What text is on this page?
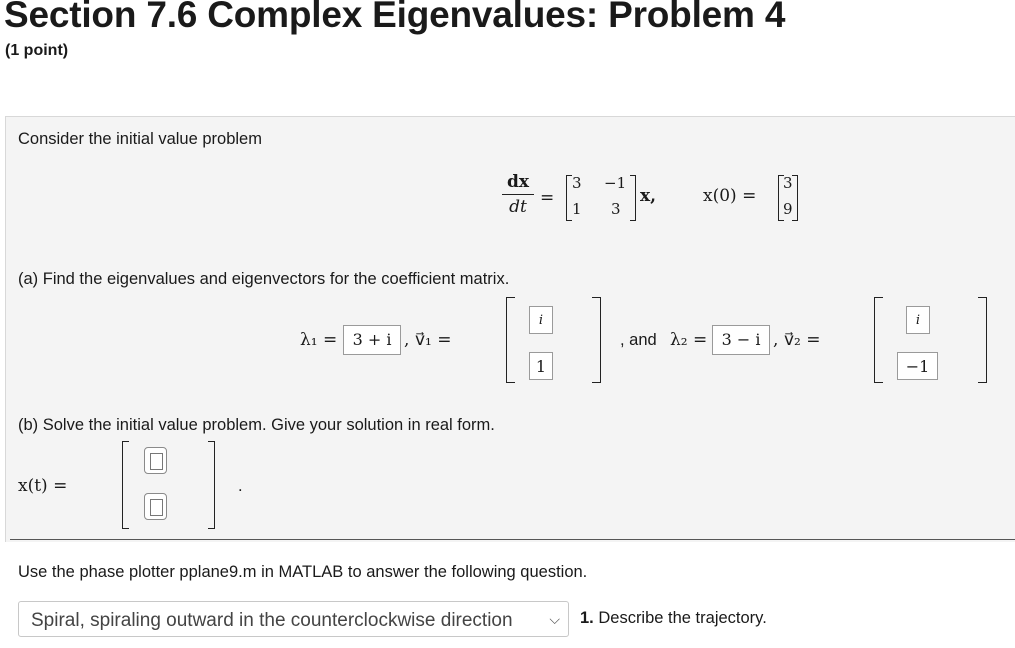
Section 7.6 Complex Eigenvalues: Problem 4
(1 point)
Consider the initial value problem
dx
dt =
3 −1
1 3
x,	x(0) =
3
9
(a) Find the eigenvalues and eigenvectors for the coefficient matrix.
λ₁ = 3 + i , v⃗₁ =
i
1
, and λ₂ = 3 − i , v⃗₂ =
i
−1
(b) Solve the initial value problem. Give your solution in real form.
x(t) =	.
Use the phase plotter pplane9.m in MATLAB to answer the following question.
Spiral, spiraling outward in the counterclockwise direction	⌵ 1. Describe the trajectory.
